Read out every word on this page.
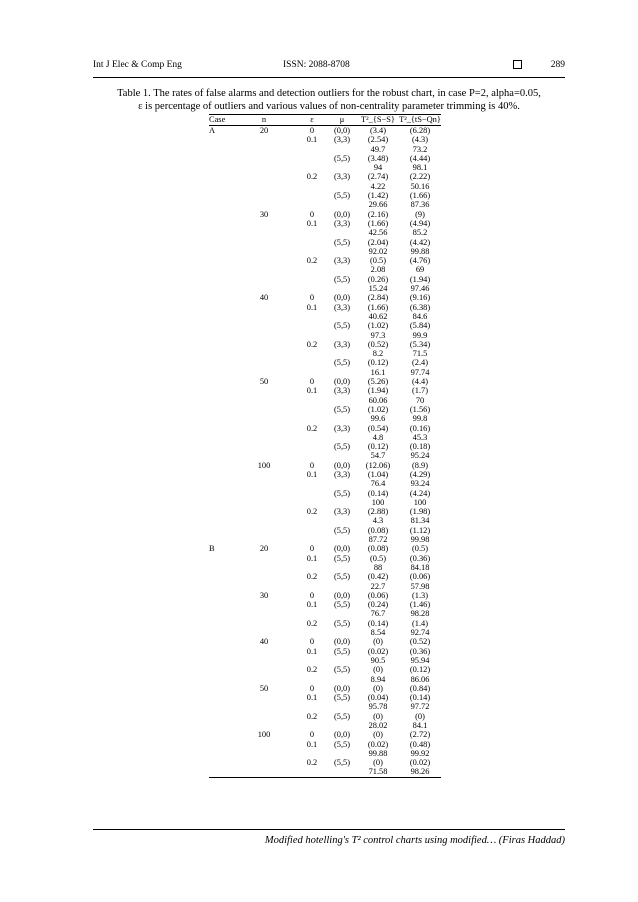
Int J Elec & Comp Eng	ISSN: 2088-8708	289

Table 1. The rates of false alarms and detection outliers for the robust chart, in case P=2, alpha=0.05,

ε is percentage of outliers and various values of non-centrality parameter trimming is 40%.

Case	n	ε	μ	T²_{S−S}	T²_{tS−Qn}
A	20	0	(0,0)	(3.4)	(6.28)
		0.1	(3,3)	(2.54)	(4.3)
				49.7	73.2
			(5,5)	(3.48)	(4.44)
				94	98.1
		0.2	(3,3)	(2.74)	(2.22)
				4.22	50.16
			(5,5)	(1.42)	(1.66)
				29.66	87.36
	30	0	(0,0)	(2.16)	(9)
		0.1	(3,3)	(1.66)	(4.94)
				42.56	85.2
			(5,5)	(2.04)	(4.42)
				92.02	99.88
		0.2	(3,3)	(0.5)	(4.76)
				2.08	69
			(5,5)	(0.26)	(1.94)
				15.24	97.46
	40	0	(0,0)	(2.84)	(9.16)
		0.1	(3,3)	(1.66)	(6.38)
				40.62	84.6
			(5,5)	(1.02)	(5.84)
				97.3	99.9
		0.2	(3,3)	(0.52)	(5.34)
				8.2	71.5
			(5,5)	(0.12)	(2.4)
				16.1	97.74
	50	0	(0,0)	(5.26)	(4.4)
		0.1	(3,3)	(1.94)	(1.7)
				60.06	70
			(5,5)	(1.02)	(1.56)
				99.6	99.8
		0.2	(3,3)	(0.54)	(0.16)
				4.8	45.3
			(5,5)	(0.12)	(0.18)
				54.7	95.24
	100	0	(0,0)	(12.06)	(8.9)
		0.1	(3,3)	(1.04)	(4.29)
				76.4	93.24
			(5,5)	(0.14)	(4.24)
				100	100
		0.2	(3,3)	(2.88)	(1.98)
				4.3	81.34
			(5,5)	(0.08)	(1.12)
				87.72	99.98
B	20	0	(0,0)	(0.08)	(0.5)
		0.1	(5,5)	(0.5)	(0.36)
				88	84.18
		0.2	(5,5)	(0.42)	(0.06)
				22.7	57.98
	30	0	(0,0)	(0.06)	(1.3)
		0.1	(5,5)	(0.24)	(1.46)
				76.7	98.28
		0.2	(5,5)	(0.14)	(1.4)
				8.54	92.74
	40	0	(0,0)	(0)	(0.52)
		0.1	(5,5)	(0.02)	(0.36)
				90.5	95.94
		0.2	(5,5)	(0)	(0.12)
				8.94	86.06
	50	0	(0,0)	(0)	(0.84)
		0.1	(5,5)	(0.04)	(0.14)
				95.78	97.72
		0.2	(5,5)	(0)	(0)
				28.02	84.1
	100	0	(0,0)	(0)	(2.72)
		0.1	(5,5)	(0.02)	(0.48)
				99.88	99.92
		0.2	(5,5)	(0)	(0.02)
				71.58	98.26
Modified hotelling's T² control charts using modified… (Firas Haddad)
